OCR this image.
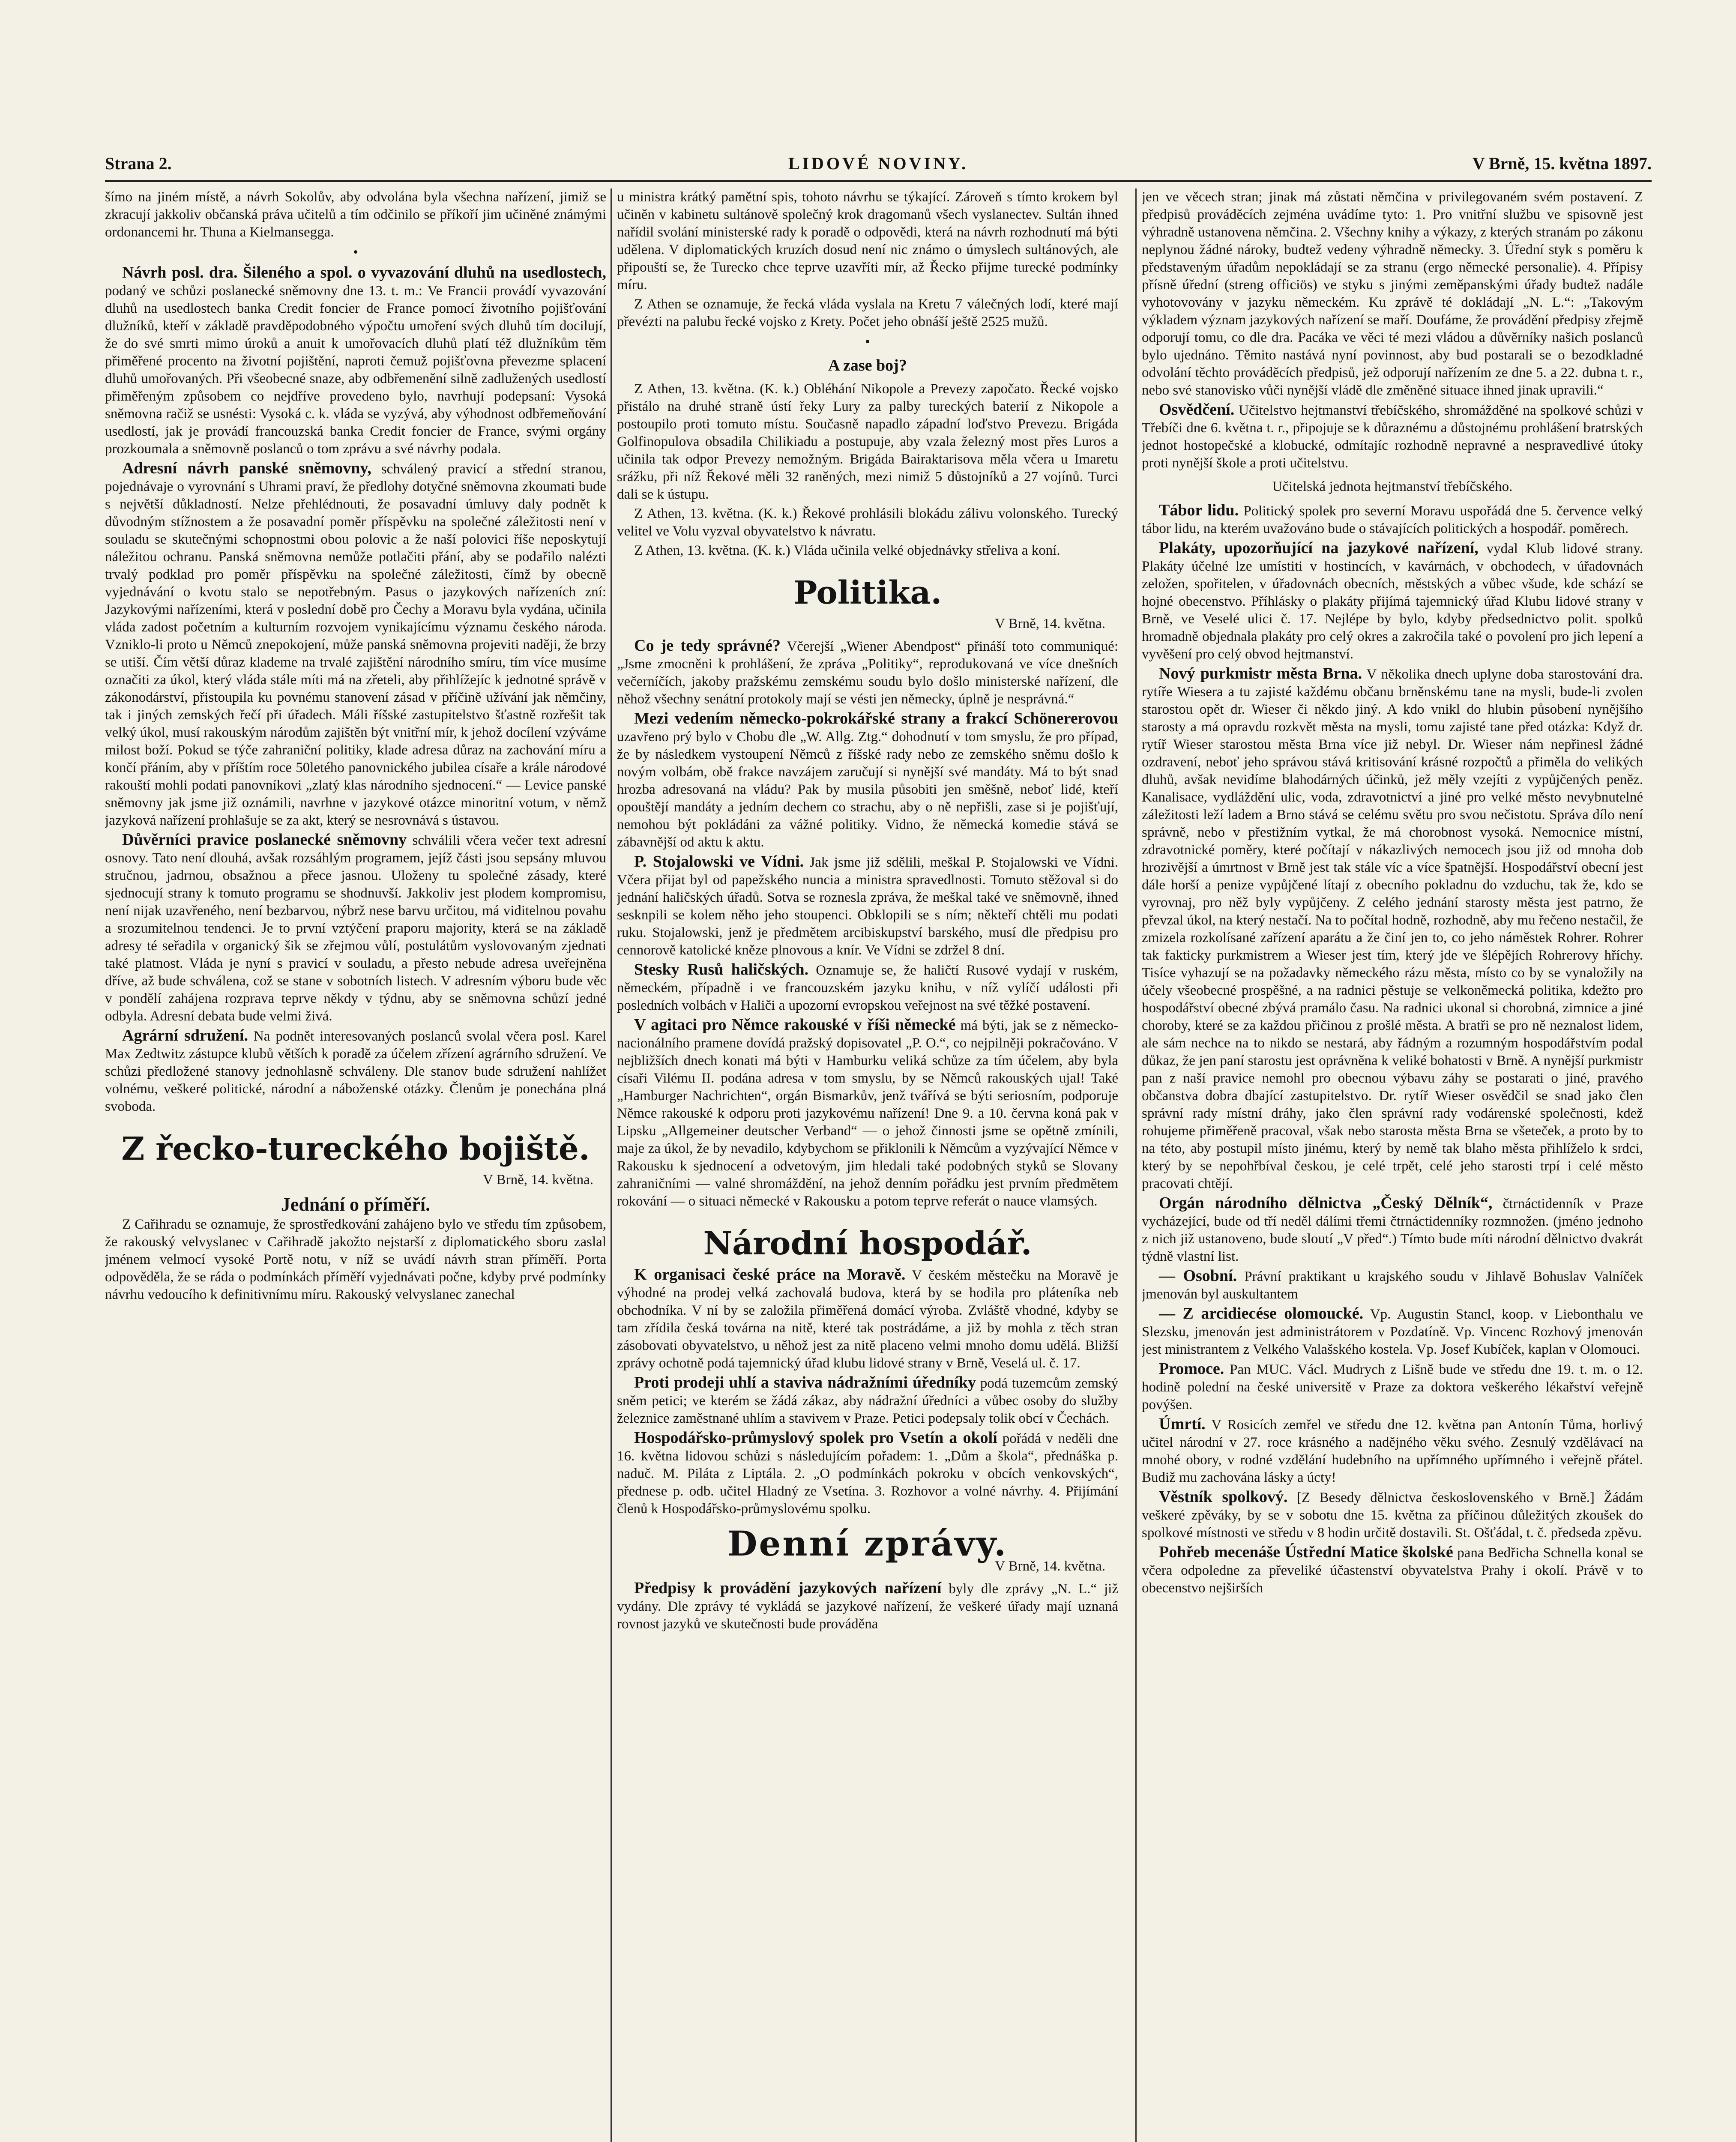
Strana 2.	LIDOVÉ NOVINY.	V Brně, 15. května 1897.

šímo na jiném místě, a návrh Sokolův, aby odvolána byla všechna nařízení, jimiž se zkracují jakkoliv občanská práva učitelů a tím odčinilo se příkoří jim učiněné známými ordonancemi hr. Thuna a Kielmansegga.

•

Návrh posl. dra. Šileného a spol. o vyvazování dluhů na usedlostech, podaný ve schůzi poslanecké sněmovny dne 13. t. m.: Ve Francii provádí vyvazování dluhů na usedlostech banka Credit foncier de France pomocí životního pojišťování dlužníků, kteří v základě pravděpodobného výpočtu umoření svých dluhů tím docilují, že do své smrti mimo úroků a anuit k umořovacích dluhů platí též dlužníkům těm přiměřené procento na životní pojištění, naproti čemuž pojišťovna převezme splacení dluhů umořovaných. Při všeobecné snaze, aby odbřemenění silně zadlužených usedlostí přiměřeným způsobem co nejdříve provedeno bylo, navrhují podepsaní: Vysoká sněmovna račiž se usnésti: Vysoká c. k. vláda se vyzývá, aby výhodnost odbřemeňování usedlostí, jak je provádí francouzská banka Credit foncier de France, svými orgány prozkoumala a sněmovně poslanců o tom zprávu a své návrhy podala.

Adresní návrh panské sněmovny, schválený pravicí a střední stranou, pojednávaje o vyrovnání s Uhrami praví, že předlohy dotyčné sněmovna zkoumati bude s největší důkladností. Nelze přehlédnouti, že posavadní úmluvy daly podnět k důvodným stížnostem a že posavadní poměr příspěvku na společné záležitosti není v souladu se skutečnými schopnostmi obou polovic a že naší polovici říše neposkytují náležitou ochranu. Panská sněmovna nemůže potlačiti přání, aby se podařilo nalézti trvalý podklad pro poměr příspěvku na společné záležitosti, čímž by obecně vyjednávání o kvotu stalo se nepotřebným. Pasus o jazykových nařízeních zní: Jazykovými nařízeními, která v poslední době pro Čechy a Moravu byla vydána, učinila vláda zadost početním a kulturním rozvojem vynikajícímu významu českého národa. Vzniklo-li proto u Němců znepokojení, může panská sněmovna projeviti naději, že brzy se utiší. Čím větší důraz klademe na trvalé zajištění národního smíru, tím více musíme označiti za úkol, který vláda stále míti má na zřeteli, aby přihlížejíc k jednotné správě v zákonodárství, přistoupila ku povnému stanovení zásad v příčině užívání jak němčiny, tak i jiných zemských řečí při úřadech. Máli říšské zastupitelstvo šťastně rozřešit tak velký úkol, musí rakouským národům zajištěn být vnitřní mír, k jehož docílení vzýváme milost boží. Pokud se týče zahraniční politiky, klade adresa důraz na zachování míru a končí přáním, aby v příštím roce 50letého panovnického jubilea císaře a krále národové rakouští mohli podati panovníkovi „zlatý klas národního sjednocení.“ — Levice panské sněmovny jak jsme již oznámili, navrhne v jazykové otázce minoritní votum, v němž jazyková nařízení prohlašuje se za akt, který se nesrovnává s ústavou.

Důvěrníci pravice poslanecké sněmovny schválili včera večer text adresní osnovy. Tato není dlouhá, avšak rozsáhlým programem, jejíž části jsou sepsány mluvou stručnou, jadrnou, obsažnou a přece jasnou. Uloženy tu společné zásady, které sjednocují strany k tomuto programu se shodnuvší. Jakkoliv jest plodem kompromisu, není nijak uzavřeného, není bezbarvou, nýbrž nese barvu určitou, má viditelnou povahu a srozumitelnou tendenci. Je to první vztýčení praporu majority, která se na základě adresy té seřadila v organický šik se zřejmou vůlí, postulátům vyslovovaným zjednati také platnost. Vláda je nyní s pravicí v souladu, a přesto nebude adresa uveřejněna dříve, až bude schválena, což se stane v sobotních listech. V adresním výboru bude věc v pondělí zahájena rozprava teprve někdy v týdnu, aby se sněmovna schůzí jedné odbyla. Adresní debata bude velmi živá.

Agrární sdružení. Na podnět interesovaných poslanců svolal včera posl. Karel Max Zedtwitz zástupce klubů větších k poradě za účelem zřízení agrárního sdružení. Ve schůzi předložené stanovy jednohlasně schváleny. Dle stanov bude sdružení nahlížet volnému, veškeré politické, národní a náboženské otázky. Členům je ponechána plná svoboda.

Z řecko-tureckého bojiště.
V Brně, 14. května.
Jednání o příměří.

Z Cařihradu se oznamuje, že sprostředkování zahájeno bylo ve středu tím způsobem, že rakouský velvyslanec v Cařihradě jakožto nejstarší z diplomatického sboru zaslal jménem velmocí vysoké Portě notu, v níž se uvádí návrh stran příměří. Porta odpověděla, že se ráda o podmínkách příměří vyjednávati počne, kdyby prvé podmínky návrhu vedoucího k definitivnímu míru. Rakouský velvyslanec zanechal

u ministra krátký pamětní spis, tohoto návrhu se týkající. Zároveň s tímto krokem byl učiněn v kabinetu sultánově společný krok dragomanů všech vyslanectev. Sultán ihned nařídil svolání ministerské rady k poradě o odpovědi, která na návrh rozhodnutí má býti udělena. V diplomatických kruzích dosud není nic známo o úmyslech sultánových, ale připouští se, že Turecko chce teprve uzavříti mír, až Řecko přijme turecké podmínky míru.

Z Athen se oznamuje, že řecká vláda vyslala na Kretu 7 válečných lodí, které mají převézti na palubu řecké vojsko z Krety. Počet jeho obnáší ještě 2525 mužů.

•
A zase boj?

Z Athen, 13. května. (K. k.) Obléhání Nikopole a Prevezy započato. Řecké vojsko přistálo na druhé straně ústí řeky Lury za palby tureckých baterií z Nikopole a postoupilo proti tomuto místu. Současně napadlo západní loďstvo Prevezu. Brigáda Golfinopulova obsadila Chilikiadu a postupuje, aby vzala železný most přes Luros a učinila tak odpor Prevezy nemožným. Brigáda Bairaktarisova měla včera u Imaretu srážku, při níž Řekové měli 32 raněných, mezi nimiž 5 důstojníků a 27 vojínů. Turci dali se k ústupu.

Z Athen, 13. května. (K. k.) Řekové prohlásili blokádu zálivu volonského. Turecký velitel ve Volu vyzval obyvatelstvo k návratu.

Z Athen, 13. května. (K. k.) Vláda učinila velké objednávky střeliva a koní.

Politika.
V Brně, 14. května.

Co je tedy správné? Včerejší „Wiener Abendpost“ přináší toto communiqué: „Jsme zmocněni k prohlášení, že zpráva „Politiky“, reprodukovaná ve více dnešních večerníčích, jakoby pražskému zemskému soudu bylo došlo ministerské nařízení, dle něhož všechny senátní protokoly mají se vésti jen německy, úplně je nesprávná.“

Mezi vedením německo-pokrokářské strany a frakcí Schönererovou uzavřeno prý bylo v Chobu dle „W. Allg. Ztg.“ dohodnutí v tom smyslu, že pro případ, že by následkem vystoupení Němců z říšské rady nebo ze zemského sněmu došlo k novým volbám, obě frakce navzájem zaručují si nynější své mandáty. Má to být snad hrozba adresovaná na vládu? Pak by musila působiti jen směšně, neboť lidé, kteří opouštějí mandáty a jedním dechem co strachu, aby o ně nepřišli, zase si je pojišťují, nemohou být pokládáni za vážné politiky. Vidno, že německá komedie stává se zábavnější od aktu k aktu.

P. Stojalowski ve Vídni. Jak jsme již sdělili, meškal P. Stojalowski ve Vídni. Včera přijat byl od papežského nuncia a ministra spravedlnosti. Tomuto stěžoval si do jednání haličských úřadů. Sotva se roznesla zpráva, že meškal také ve sněmovně, ihned sesknpili se kolem něho jeho stoupenci. Obklopili se s ním; někteří chtěli mu podati ruku. Stojalowski, jenž je předmětem arcibiskupství barského, musí dle předpisu pro cennorově katolické kněze plnovous a knír. Ve Vídni se zdržel 8 dní.

Stesky Rusů haličských. Oznamuje se, že haličtí Rusové vydají v ruském, německém, případně i ve francouzském jazyku knihu, v níž vylíčí události při posledních volbách v Haliči a upozorní evropskou veřejnost na své těžké postavení.

V agitaci pro Němce rakouské v říši německé má býti, jak se z německo-nacionálního pramene dovídá pražský dopisovatel „P. O.“, co nejpilněji pokračováno. V nejbližších dnech konati má býti v Hamburku veliká schůze za tím účelem, aby byla císaři Vilému II. podána adresa v tom smyslu, by se Němců rakouských ujal! Také „Hamburger Nachrichten“, orgán Bismarkův, jenž tvářívá se býti seriosním, podporuje Němce rakouské k odporu proti jazykovému nařízení! Dne 9. a 10. června koná pak v Lipsku „Allgemeiner deutscher Verband“ — o jehož činnosti jsme se opětně zmínili, maje za úkol, že by nevadilo, kdybychom se přiklonili k Němcům a vyzývající Němce v Rakousku k sjednocení a odvetovým, jim hledali také podobných styků se Slovany zahraničními — valné shromáždění, na jehož denním pořádku jest prvním předmětem rokování — o situaci německé v Rakousku a potom teprve referát o nauce vlamsých.

Národní hospodář.

K organisaci české práce na Moravě. V českém městečku na Moravě je výhodné na prodej velká zachovalá budova, která by se hodila pro pláteníka neb obchodníka. V ní by se založila přiměřená domácí výroba. Zvláště vhodné, kdyby se tam zřídila česká továrna na nitě, které tak postrádáme, a již by mohla z těch stran zásobovati obyvatelstvo, u něhož jest za nitě placeno velmi mnoho domu udělá. Bližší zprávy ochotně podá tajemnický úřad klubu lidové strany v Brně, Veselá ul. č. 17.

Proti prodeji uhlí a staviva nádražními úředníky podá tuzemcům zemský sněm petici; ve kterém se žádá zákaz, aby nádražní úředníci a vůbec osoby do služby železnice zaměstnané uhlím a stavivem v Praze. Petici podepsaly tolik obcí v Čechách.

Hospodářsko-průmyslový spolek pro Vsetín a okolí pořádá v neděli dne 16. května lidovou schůzi s následujícím pořadem: 1. „Dům a škola“, přednáška p. naduč. M. Piláta z Liptála. 2. „O podmínkách pokroku v obcích venkovských“, přednese p. odb. učitel Hladný ze Vsetína. 3. Rozhovor a volné návrhy. 4. Přijímání členů k Hospodářsko-průmyslovému spolku.

Denní zprávy.
V Brně, 14. května.

Předpisy k provádění jazykových nařízení byly dle zprávy „N. L.“ již vydány. Dle zprávy té vykládá se jazykové nařízení, že veškeré úřady mají uznaná rovnost jazyků ve skutečnosti bude prováděna

jen ve věcech stran; jinak má zůstati němčina v privilegovaném svém postavení. Z předpisů prováděcích zejména uvádíme tyto: 1. Pro vnitřní službu ve spisovně jest výhradně ustanovena němčina. 2. Všechny knihy a výkazy, z kterých stranám po zákonu neplynou žádné nároky, budtež vedeny výhradně německy. 3. Úřední styk s poměru k představeným úřadům nepokládají se za stranu (ergo německé personalie). 4. Přípisy přísně úřední (streng officiös) ve styku s jinými zeměpanskými úřady budtež nadále vyhotovovány v jazyku německém. Ku zprávě té dokládají „N. L.“: „Takovým výkladem význam jazykových nařízení se maří. Doufáme, že provádění předpisy zřejmě odporují tomu, co dle dra. Pacáka ve věci té mezi vládou a důvěrníky našich poslanců bylo ujednáno. Těmito nastává nyní povinnost, aby bud postarali se o bezodkladné odvolání těchto prováděcích předpisů, jež odporují nařízením ze dne 5. a 22. dubna t. r., nebo své stanovisko vůči nynější vládě dle změněné situace ihned jinak upravili.“

Osvědčení. Učitelstvo hejtmanství třebíčského, shromážděné na spolkové schůzi v Třebíči dne 6. května t. r., připojuje se k důraznému a důstojnému prohlášení bratrských jednot hostopečské a klobucké, odmítajíc rozhodně nepravné a nespravedlivé útoky proti nynější škole a proti učitelstvu.

Učitelská jednota hejtmanství třebíčského.

Tábor lidu. Politický spolek pro severní Moravu uspořádá dne 5. července velký tábor lidu, na kterém uvažováno bude o stávajících politických a hospodář. poměrech.

Plakáty, upozorňující na jazykové nařízení, vydal Klub lidové strany. Plakáty účelné lze umístiti v hostincích, v kavárnách, v obchodech, v úřadovnách zeložen, spořitelen, v úřadovnách obecních, městských a vůbec všude, kde schází se hojné obecenstvo. Příhlásky o plakáty přijímá tajemnický úřad Klubu lidové strany v Brně, ve Veselé ulici č. 17. Nejlépe by bylo, kdyby předsednictvo polit. spolků hromadně objednala plakáty pro celý okres a zakročila také o povolení pro jich lepení a vyvěšení pro celý obvod hejtmanství.

Nový purkmistr města Brna. V několika dnech uplyne doba starostování dra. rytíře Wiesera a tu zajisté každému občanu brněnskému tane na mysli, bude-li zvolen starostou opět dr. Wieser či někdo jiný. A kdo vnikl do hlubin působení nynějšího starosty a má opravdu rozkvět města na mysli, tomu zajisté tane před otázka: Když dr. rytíř Wieser starostou města Brna více již nebyl. Dr. Wieser nám nepřinesl žádné ozdravení, neboť jeho správou stává kritisování krásné rozpočtů a přiměla do velikých dluhů, avšak nevidíme blahodárných účinků, jež měly vzejíti z vypůjčených peněz. Kanalisace, vydláždění ulic, voda, zdravotnictví a jiné pro velké město nevybnutelné záležitosti leží ladem a Brno stává se celému světu pro svou nečistotu. Správa dílo není správně, nebo v přestižním vytkal, že má chorobnost vysoká. Nemocnice místní, zdravotnické poměry, které počítají v nákazlivých nemocech jsou již od mnoha dob hrozivější a úmrtnost v Brně jest tak stále víc a více špatnější. Hospodářství obecní jest dále horší a penize vypůjčené lítají z obecního pokladnu do vzduchu, tak že, kdo se vyrovnaj, pro něž byly vypůjčeny. Z celého jednání starosty města jest patrno, že převzal úkol, na který nestačí. Na to počítal hodně, rozhodně, aby mu řečeno nestačil, že zmizela rozkolísané zařízení aparátu a že činí jen to, co jeho náměstek Rohrer. Rohrer tak fakticky purkmistrem a Wieser jest tím, který jde ve šlépějích Rohrerovy hříchy. Tisíce vyhazují se na požadavky německého rázu města, místo co by se vynaložily na účely všeobecné prospěšné, a na radnici pěstuje se velkoněmecká politika, kdežto pro hospodářství obecné zbývá pramálo času. Na radnici ukonal si chorobná, zimnice a jiné choroby, které se za každou přičinou z prošlé města. A bratři se pro ně neznalost lidem, ale sám nechce na to nikdo se nestará, aby řádným a rozumným hospodářstvím podal důkaz, že jen paní starostu jest oprávněna k veliké bohatosti v Brně. A nynější purkmistr pan z naší pravice nemohl pro obecnou výbavu záhy se postarati o jiné, pravého občanstva dobra dbající zastupitelstvo. Dr. rytíř Wieser osvědčil se snad jako člen správní rady místní dráhy, jako člen správní rady vodárenské společnosti, kdež rohujeme přiměřeně pracoval, však nebo starosta města Brna se všeteček, a proto by to na této, aby postupil místo jinému, který by nemě tak blaho města přihlíželo k srdci, který by se nepohřbíval českou, je celé trpět, celé jeho starosti trpí i celé město pracovati chtějí.

Orgán národního dělnictva „Český Dělník“, čtrnáctidenník v Praze vycházející, bude od tří neděl dálími třemi čtrnáctidenníky rozmnožen. (jméno jednoho z nich již ustanoveno, bude sloutí „V před“.) Tímto bude míti národní dělnictvo dvakrát týdně vlastní list.

— Osobní. Právní praktikant u krajského soudu v Jihlavě Bohuslav Valníček jmenován byl auskultantem

— Z arcidiecése olomoucké. Vp. Augustin Stancl, koop. v Liebonthalu ve Slezsku, jmenován jest administrátorem v Pozdatíně. Vp. Vincenc Rozhový jmenován jest ministrantem z Velkého Valašského kostela. Vp. Josef Kubíček, kaplan v Olomouci.

Promoce. Pan MUC. Václ. Mudrych z Lišně bude ve středu dne 19. t. m. o 12. hodině polední na české universitě v Praze za doktora veškerého lékařství veřejně povýšen.

Úmrtí. V Rosicích zemřel ve středu dne 12. května pan Antonín Tůma, horlivý učitel národní v 27. roce krásného a nadějného věku svého. Zesnulý vzdělávací na mnohé obory, v rodné vzdělání hudebního na upřímného upřímného i veřejně přátel. Budiž mu zachována lásky a úcty!

Věstník spolkový. [Z Besedy dělnictva československého v Brně.] Žádám veškeré zpěváky, by se v sobotu dne 15. května za příčinou důležitých zkoušek do spolkové místnosti ve středu v 8 hodin určitě dostavili. St. Ošťádal, t. č. předseda zpěvu.

Pohřeb mecenáše Ústřední Matice školské pana Bedřicha Schnella konal se včera odpoledne za převeliké účastenství obyvatelstva Prahy i okolí. Právě v to obecenstvo nejširších
